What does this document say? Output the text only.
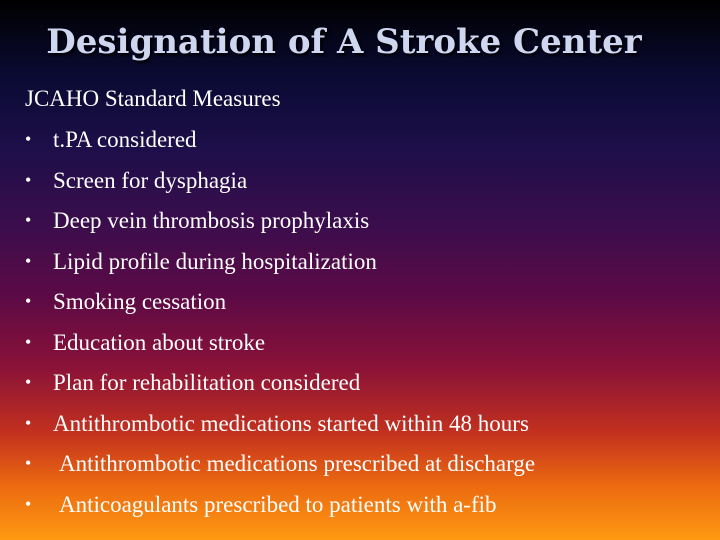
Designation of A Stroke Center

JCAHO Standard Measures

• t.PA considered
• Screen for dysphagia
• Deep vein thrombosis prophylaxis
• Lipid profile during hospitalization
• Smoking cessation
• Education about stroke
• Plan for rehabilitation considered
• Antithrombotic medications started within 48 hours
•	Antithrombotic medications prescribed at discharge
•	Anticoagulants prescribed to patients with a-fib
